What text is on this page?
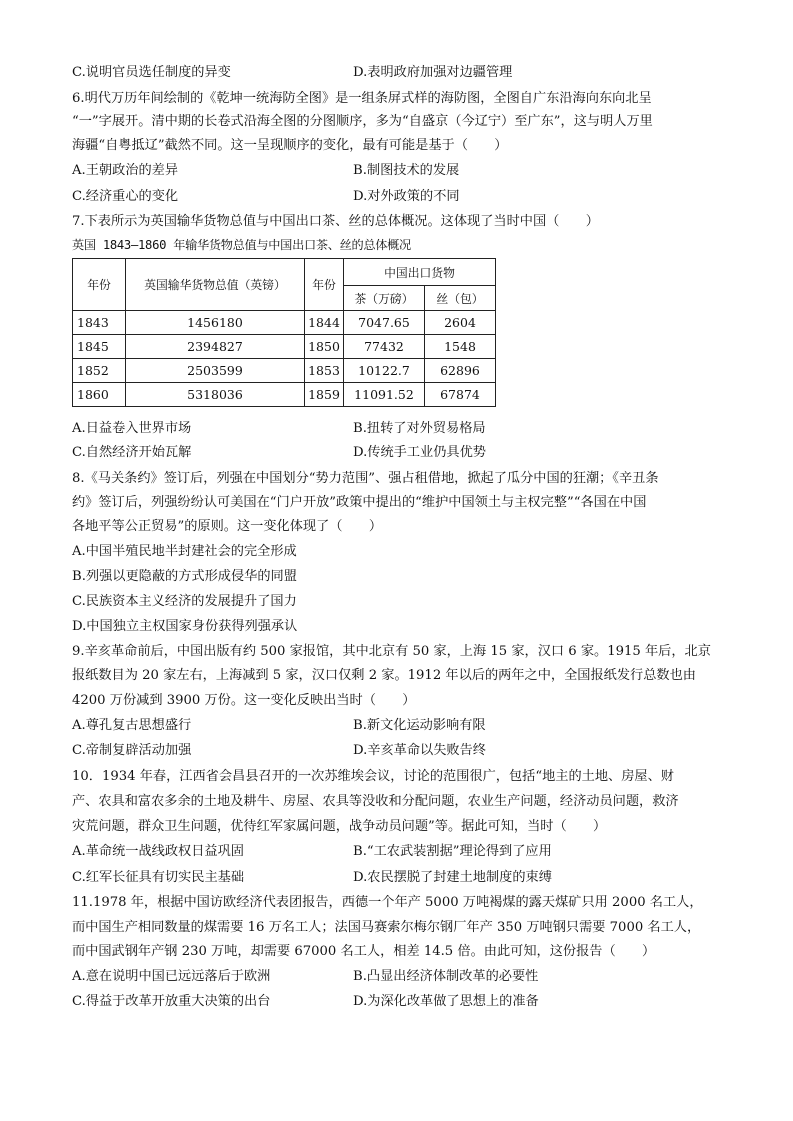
C.说明官员选任制度的异变	D.表明政府加强对边疆管理
6.明代万历年间绘制的《乾坤一统海防全图》是一组条屏式样的海防图，全图自广东沿海向东向北呈
“一”字展开。清中期的长卷式沿海全图的分图顺序，多为“自盛京（今辽宁）至广东”，这与明人万里
海疆“自粤抵辽”截然不同。这一呈现顺序的变化，最有可能是基于（　　）
A.王朝政治的差异	B.制图技术的发展
C.经济重心的变化	D.对外政策的不同
7.下表所示为英国输华货物总值与中国出口茶、丝的总体概况。这体现了当时中国（　　）
英国 1843—1860 年输华货物总值与中国出口茶、丝的总体概况
年份	英国输华货物总值（英镑）	年份	中国出口货物	
			茶（万磅）	丝（包）
1843	1456180	1844	7047.65	2604
1845	2394827	1850	77432	1548
1852	2503599	1853	10122.7	62896
1860	5318036	1859	11091.52	67874
A.日益卷入世界市场	B.扭转了对外贸易格局
C.自然经济开始瓦解	D.传统手工业仍具优势
8.《马关条约》签订后，列强在中国划分“势力范围”、强占租借地，掀起了瓜分中国的狂潮；《辛丑条
约》签订后，列强纷纷认可美国在“门户开放”政策中提出的“维护中国领土与主权完整”“各国在中国
各地平等公正贸易”的原则。这一变化体现了（　　）
A.中国半殖民地半封建社会的完全形成
B.列强以更隐蔽的方式形成侵华的同盟
C.民族资本主义经济的发展提升了国力
D.中国独立主权国家身份获得列强承认
9.辛亥革命前后，中国出版有约 500 家报馆，其中北京有 50 家，上海 15 家，汉口 6 家。1915 年后，北京
报纸数目为 20 家左右，上海减到 5 家，汉口仅剩 2 家。1912 年以后的两年之中，全国报纸发行总数也由
4200 万份减到 3900 万份。这一变化反映出当时（　　）
A.尊孔复古思想盛行	B.新文化运动影响有限
C.帝制复辟活动加强	D.辛亥革命以失败告终
10．1934 年春，江西省会昌县召开的一次苏维埃会议，讨论的范围很广，包括“地主的土地、房屋、财
产、农具和富农多余的土地及耕牛、房屋、农具等没收和分配问题，农业生产问题，经济动员问题，救济
灾荒问题，群众卫生问题，优待红军家属问题，战争动员问题”等。据此可知，当时（　　）
A.革命统一战线政权日益巩固	B.“工农武装割据”理论得到了应用
C.红军长征具有切实民主基础	D.农民摆脱了封建土地制度的束缚
11.1978 年，根据中国访欧经济代表团报告，西德一个年产 5000 万吨褐煤的露天煤矿只用 2000 名工人，
而中国生产相同数量的煤需要 16 万名工人；法国马赛索尔梅尔钢厂年产 350 万吨钢只需要 7000 名工人，
而中国武钢年产钢 230 万吨，却需要 67000 名工人，相差 14.5 倍。由此可知，这份报告（　　）
A.意在说明中国已远远落后于欧洲	B.凸显出经济体制改革的必要性
C.得益于改革开放重大决策的出台	D.为深化改革做了思想上的准备
